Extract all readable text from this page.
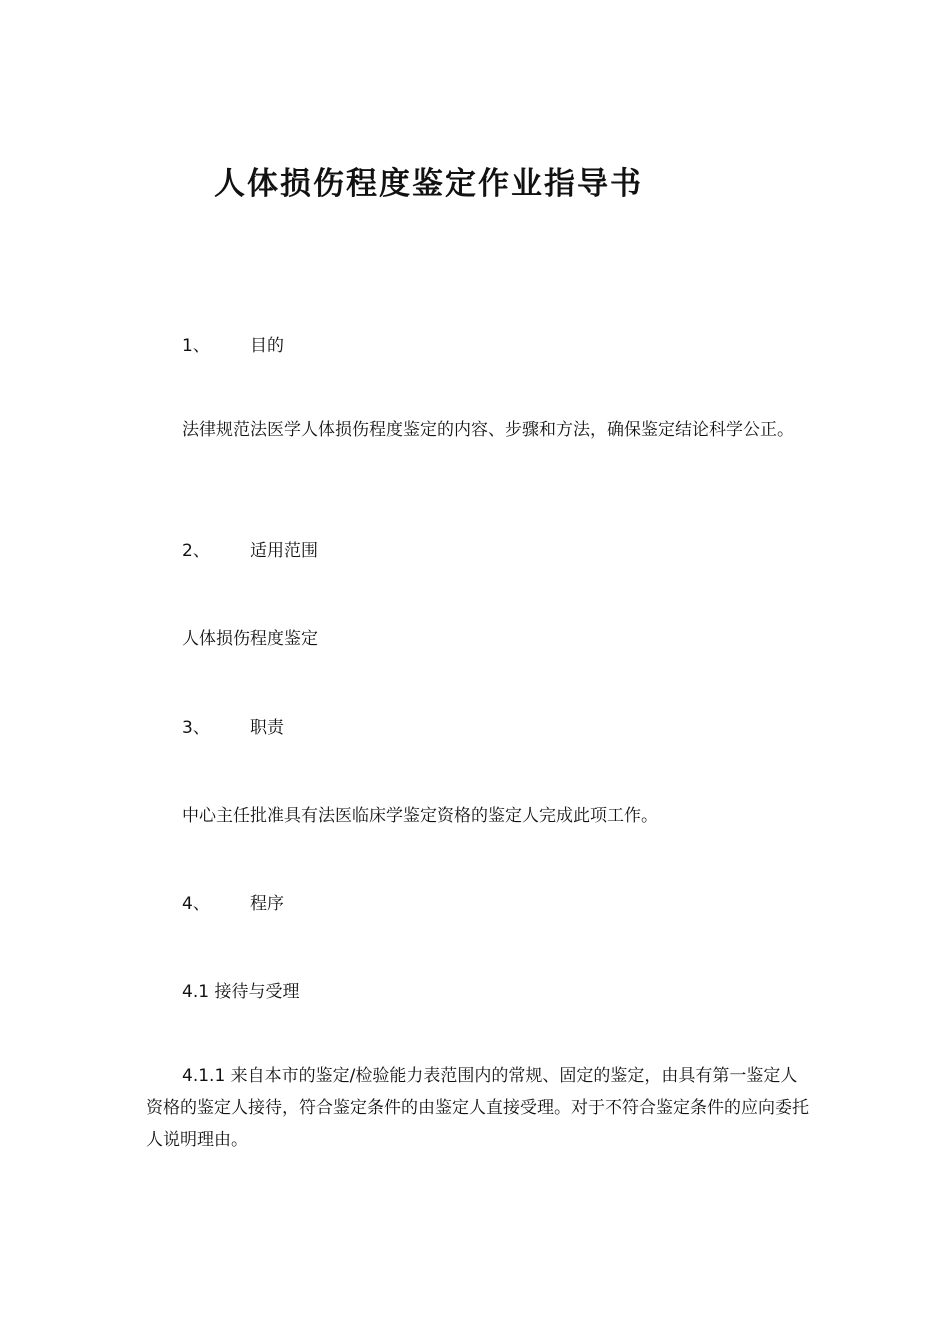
人体损伤程度鉴定作业指导书
1、 目的
法律规范法医学人体损伤程度鉴定的内容、步骤和方法，确保鉴定结论科学公正。
2、 适用范围
人体损伤程度鉴定
3、 职责
中心主任批准具有法医临床学鉴定资格的鉴定人完成此项工作。
4、 程序
4.1 接待与受理
4.1.1 来自本市的鉴定/检验能力表范围内的常规、固定的鉴定，由具有第一鉴定人资格的鉴定人接待，符合鉴定条件的由鉴定人直接受理。对于不符合鉴定条件的应向委托人说明理由。
